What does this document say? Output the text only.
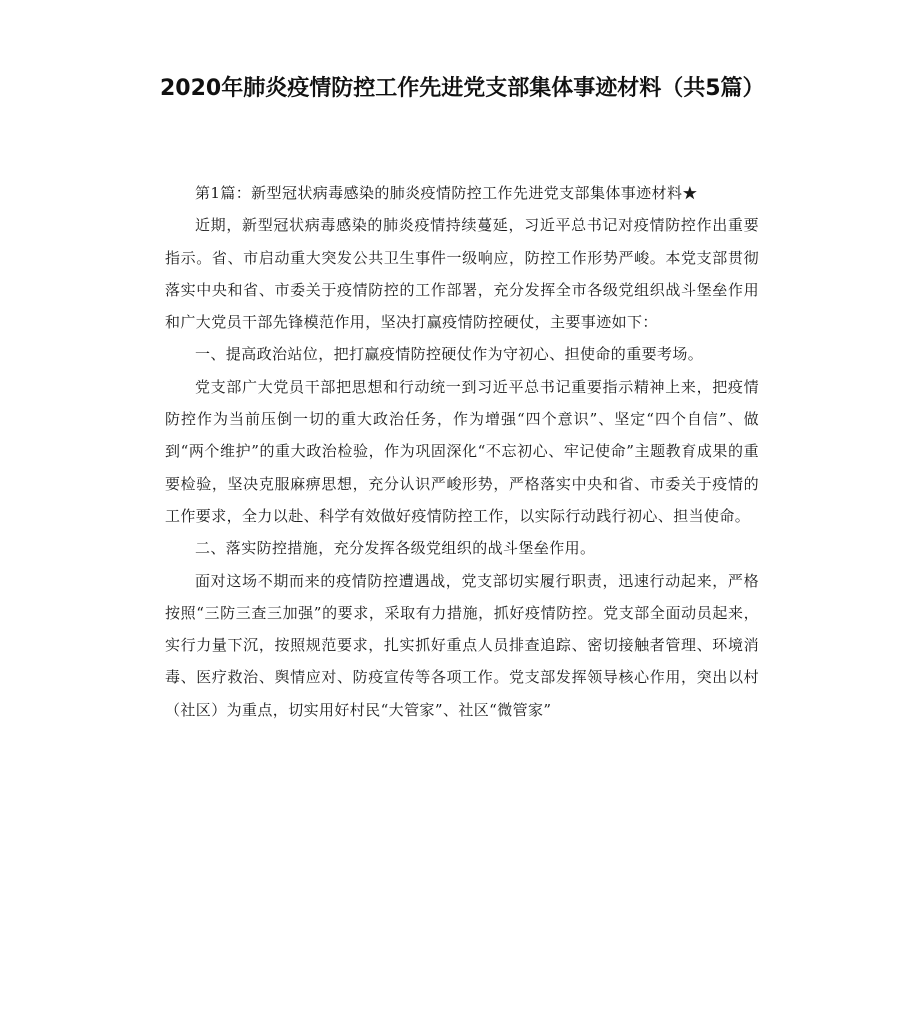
2020年肺炎疫情防控工作先进党支部集体事迹材料（共5篇）

第1篇：新型冠状病毒感染的肺炎疫情防控工作先进党支部集体事迹材料★

近期，新型冠状病毒感染的肺炎疫情持续蔓延，习近平总书记对疫情防控作出重要指示。省、市启动重大突发公共卫生事件一级响应，防控工作形势严峻。本党支部贯彻落实中央和省、市委关于疫情防控的工作部署，充分发挥全市各级党组织战斗堡垒作用和广大党员干部先锋模范作用，坚决打赢疫情防控硬仗，主要事迹如下：

一、提高政治站位，把打赢疫情防控硬仗作为守初心、担使命的重要考场。

党支部广大党员干部把思想和行动统一到习近平总书记重要指示精神上来，把疫情防控作为当前压倒一切的重大政治任务，作为增强“四个意识”、坚定“四个自信”、做到“两个维护”的重大政治检验，作为巩固深化“不忘初心、牢记使命”主题教育成果的重要检验，坚决克服麻痹思想，充分认识严峻形势，严格落实中央和省、市委关于疫情的工作要求，全力以赴、科学有效做好疫情防控工作，以实际行动践行初心、担当使命。

二、落实防控措施，充分发挥各级党组织的战斗堡垒作用。

面对这场不期而来的疫情防控遭遇战，党支部切实履行职责，迅速行动起来，严格按照“三防三查三加强”的要求，采取有力措施，抓好疫情防控。党支部全面动员起来，实行力量下沉，按照规范要求，扎实抓好重点人员排查追踪、密切接触者管理、环境消毒、医疗救治、舆情应对、防疫宣传等各项工作。党支部发挥领导核心作用，突出以村（社区）为重点，切实用好村民“大管家”、社区“微管家”
